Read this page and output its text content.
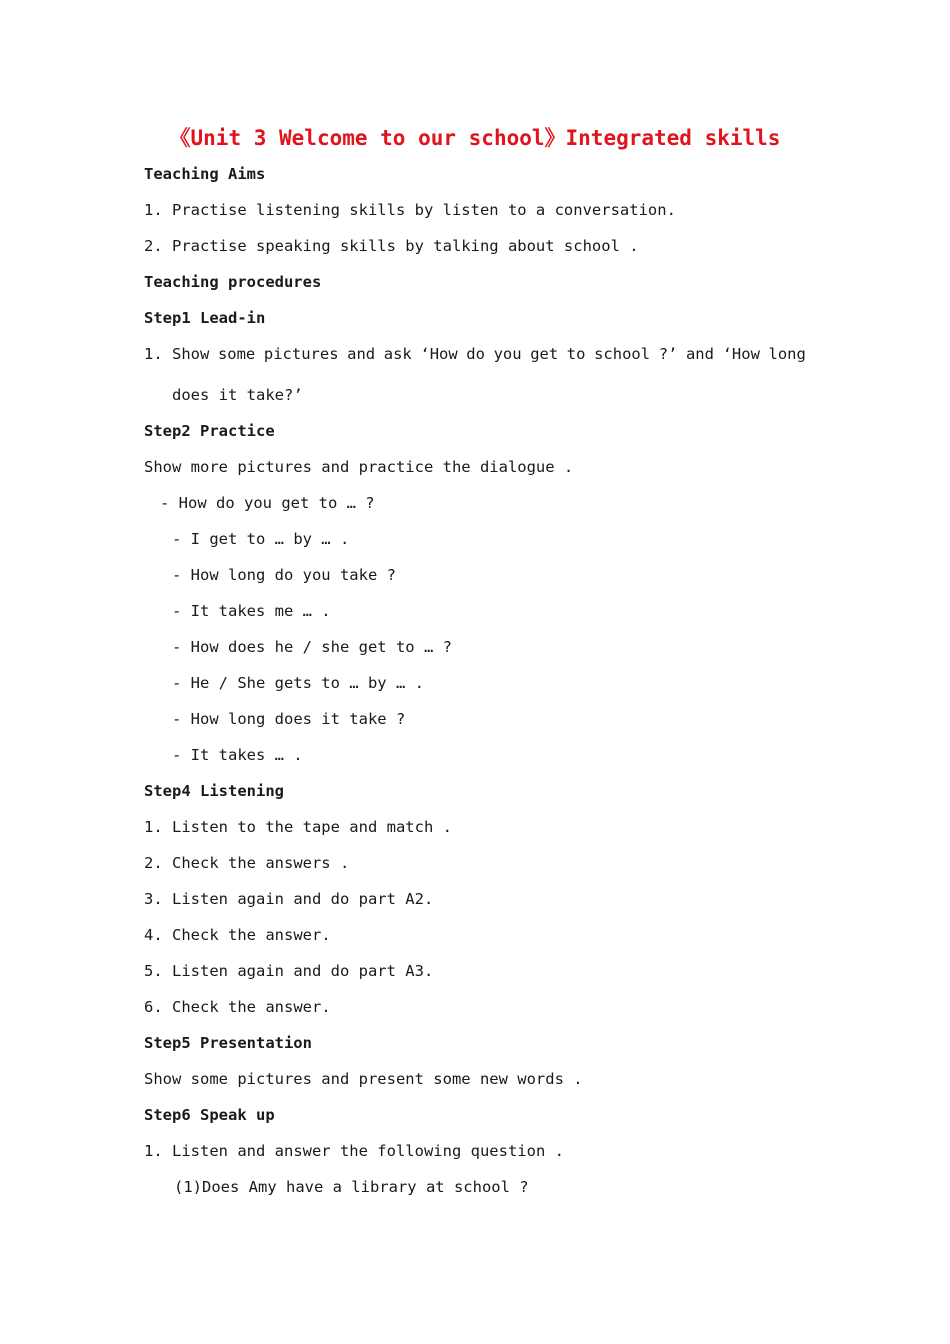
《Unit 3 Welcome to our school》Integrated skills
Teaching Aims
1. Practise listening skills by listen to a conversation.
2. Practise speaking skills by talking about school .
Teaching procedures
Step1 Lead-in
1. Show some pictures and ask ‘How do you get to school ?’ and ‘How long
does it take?’
Step2 Practice
Show more pictures and practice the dialogue .
- How do you get to … ?
- I get to … by … .
- How long do you take ?
- It takes me … .
- How does he / she get to … ?
- He / She gets to … by … .
- How long does it take ?
- It takes … .
Step4 Listening
1. Listen to the tape and match .
2. Check the answers .
3. Listen again and do part A2.
4. Check the answer.
5. Listen again and do part A3.
6. Check the answer.
Step5 Presentation
Show some pictures and present some new words .
Step6 Speak up
1. Listen and answer the following question .
(1)Does Amy have a library at school ?
